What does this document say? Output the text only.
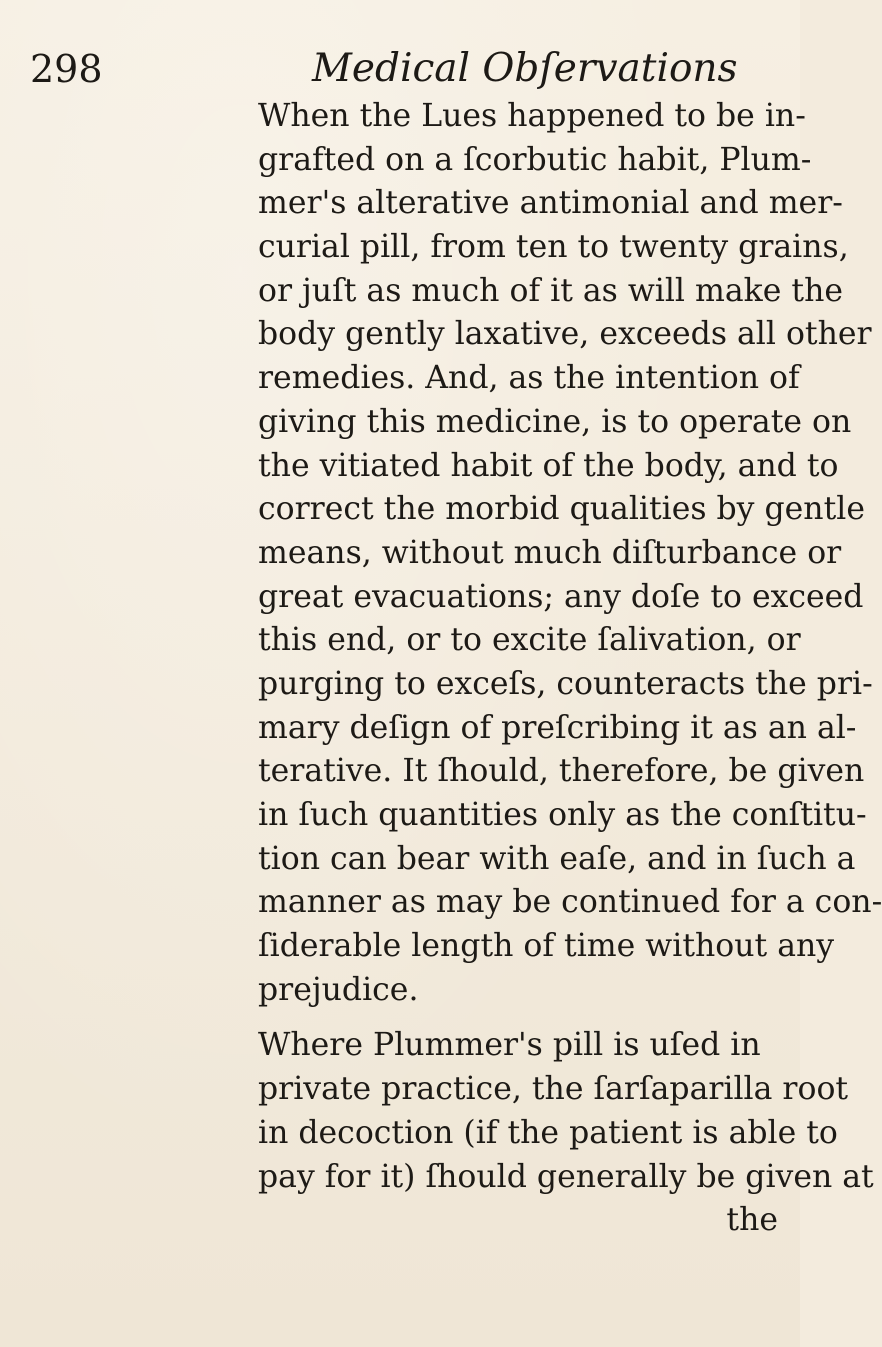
298	Medical Obſervations
When the Lues happened to be in-
grafted on a ſcorbutic habit, Plum-
mer's alterative antimonial and mer-
curial pill, from ten to twenty grains,
or juſt as much of it as will make the
body gently laxative, exceeds all other
remedies. And, as the intention of
giving this medicine, is to operate on
the vitiated habit of the body, and to
correct the morbid qualities by gentle
means, without much diſturbance or
great evacuations; any doſe to exceed
this end, or to excite ſalivation, or
purging to exceſs, counteracts the pri-
mary deſign of preſcribing it as an al-
terative. It ſhould, therefore, be given
in ſuch quantities only as the conſtitu-
tion can bear with eaſe, and in ſuch a
manner as may be continued for a con-
ſiderable length of time without any
prejudice.
Where Plummer's pill is uſed in
private practice, the ſarſaparilla root
in decoction (if the patient is able to
pay for it) ſhould generally be given at
the
